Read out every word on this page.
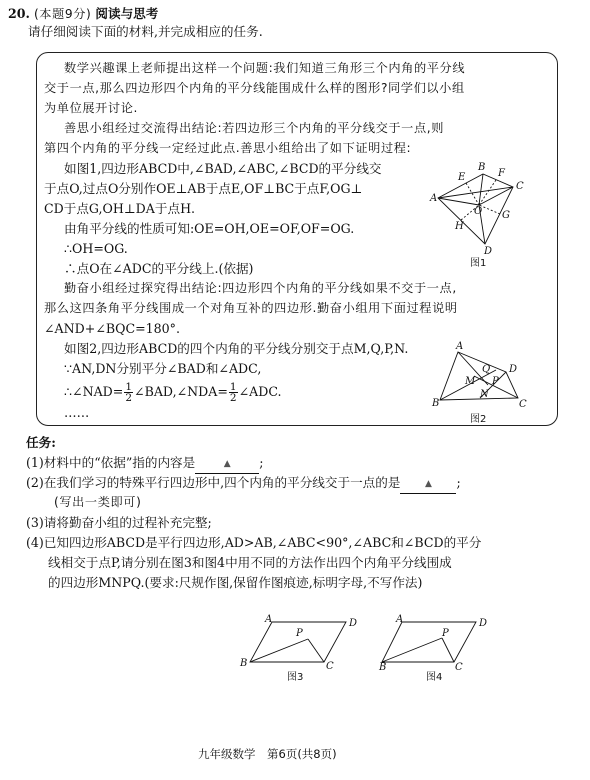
20. (本题9分) 阅读与思考
请仔细阅读下面的材料,并完成相应的任务.
数学兴趣课上老师提出这样一个问题:我们知道三角形三个内角的平分线
交于一点,那么四边形四个内角的平分线能围成什么样的图形?同学们以小组
为单位展开讨论.
善思小组经过交流得出结论:若四边形三个内角的平分线交于一点,则
第四个内角的平分线一定经过此点.善思小组给出了如下证明过程:
如图1,四边形ABCD中,∠BAD,∠ABC,∠BCD的平分线交
于点O,过点O分别作OE⊥AB于点E,OF⊥BC于点F,OG⊥
CD于点G,OH⊥DA于点H.
由角平分线的性质可知:OE=OH,OE=OF,OF=OG.
∴OH=OG.
∴点O在∠ADC的平分线上.(依据)
勤奋小组经过探究得出结论:四边形四个内角的平分线如果不交于一点,
那么这四条角平分线围成一个对角互补的四边形.勤奋小组用下面过程说明
∠AND+∠BQC=180°.
如图2,四边形ABCD的四个内角的平分线分别交于点M,Q,P,N.
∵AN,DN分别平分∠BAD和∠ADC,
∴∠NAD= $\frac{1}{2}$ ∠BAD,∠NDA= $\frac{1}{2}$ ∠ADC.
……
A
B
C
D
E	F
G
H
O
图1
A
B	C
D
M
N
P
Q
图2
任务:
(1)材料中的“依据”指的内容是	▲ ;
(2)在我们学习的特殊平行四边形中,四个内角的平分线交于一点的是	▲ ;
(写出一类即可)
(3)请将勤奋小组的过程补充完整;
(4)已知四边形ABCD是平行四边形,AD>AB,∠ABC<90°,∠ABC和∠BCD的平分
线相交于点P,请分别在图3和图4中用不同的方法作出四个内角平分线围成
的四边形MNPQ.(要求:尺规作图,保留作图痕迹,标明字母,不写作法)
A
B	C
D
P
图3
A
B	C
D
P
图4
九年级数学　第6页(共8页)
